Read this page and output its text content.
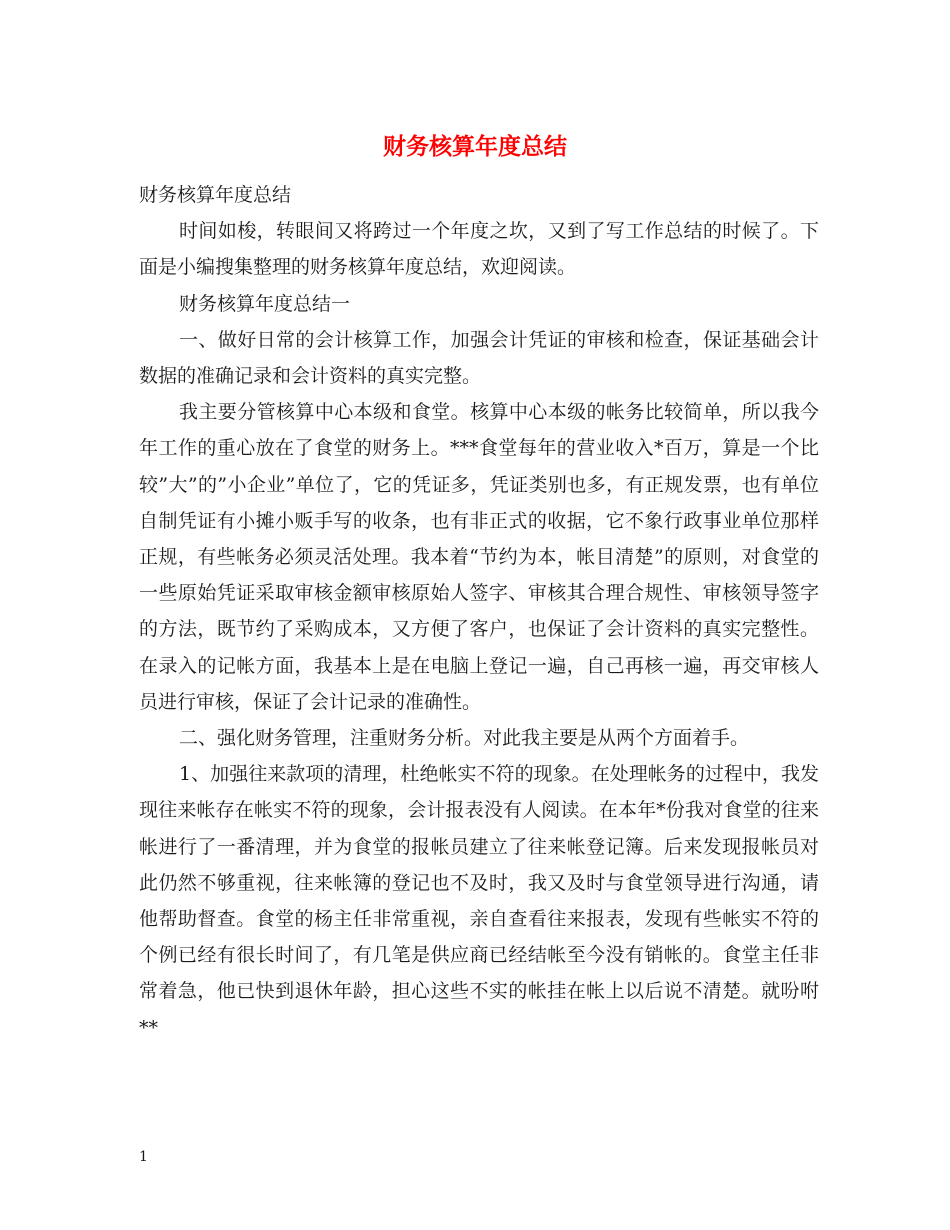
财务核算年度总结

财务核算年度总结

时间如梭，转眼间又将跨过一个年度之坎，又到了写工作总结的时候了。下面是小编搜集整理的财务核算年度总结，欢迎阅读。

财务核算年度总结一

一、做好日常的会计核算工作，加强会计凭证的审核和检查，保证基础会计数据的准确记录和会计资料的真实完整。

我主要分管核算中心本级和食堂。核算中心本级的帐务比较简单，所以我今年工作的重心放在了食堂的财务上。***食堂每年的营业收入*百万，算是一个比较”大”的”小企业”单位了，它的凭证多，凭证类别也多，有正规发票，也有单位自制凭证有小摊小贩手写的收条，也有非正式的收据，它不象行政事业单位那样正规，有些帐务必须灵活处理。我本着“节约为本，帐目清楚”的原则，对食堂的一些原始凭证采取审核金额审核原始人签字、审核其合理合规性、审核领导签字的方法，既节约了采购成本，又方便了客户，也保证了会计资料的真实完整性。在录入的记帐方面，我基本上是在电脑上登记一遍，自己再核一遍，再交审核人员进行审核，保证了会计记录的准确性。

二、强化财务管理，注重财务分析。对此我主要是从两个方面着手。

1、加强往来款项的清理，杜绝帐实不符的现象。在处理帐务的过程中，我发现往来帐存在帐实不符的现象，会计报表没有人阅读。在本年*份我对食堂的往来帐进行了一番清理，并为食堂的报帐员建立了往来帐登记簿。后来发现报帐员对此仍然不够重视，往来帐簿的登记也不及时，我又及时与食堂领导进行沟通，请他帮助督查。食堂的杨主任非常重视，亲自查看往来报表，发现有些帐实不符的个例已经有很长时间了，有几笔是供应商已经结帐至今没有销帐的。食堂主任非常着急，他已快到退休年龄，担心这些不实的帐挂在帐上以后说不清楚。就吩咐**

1
